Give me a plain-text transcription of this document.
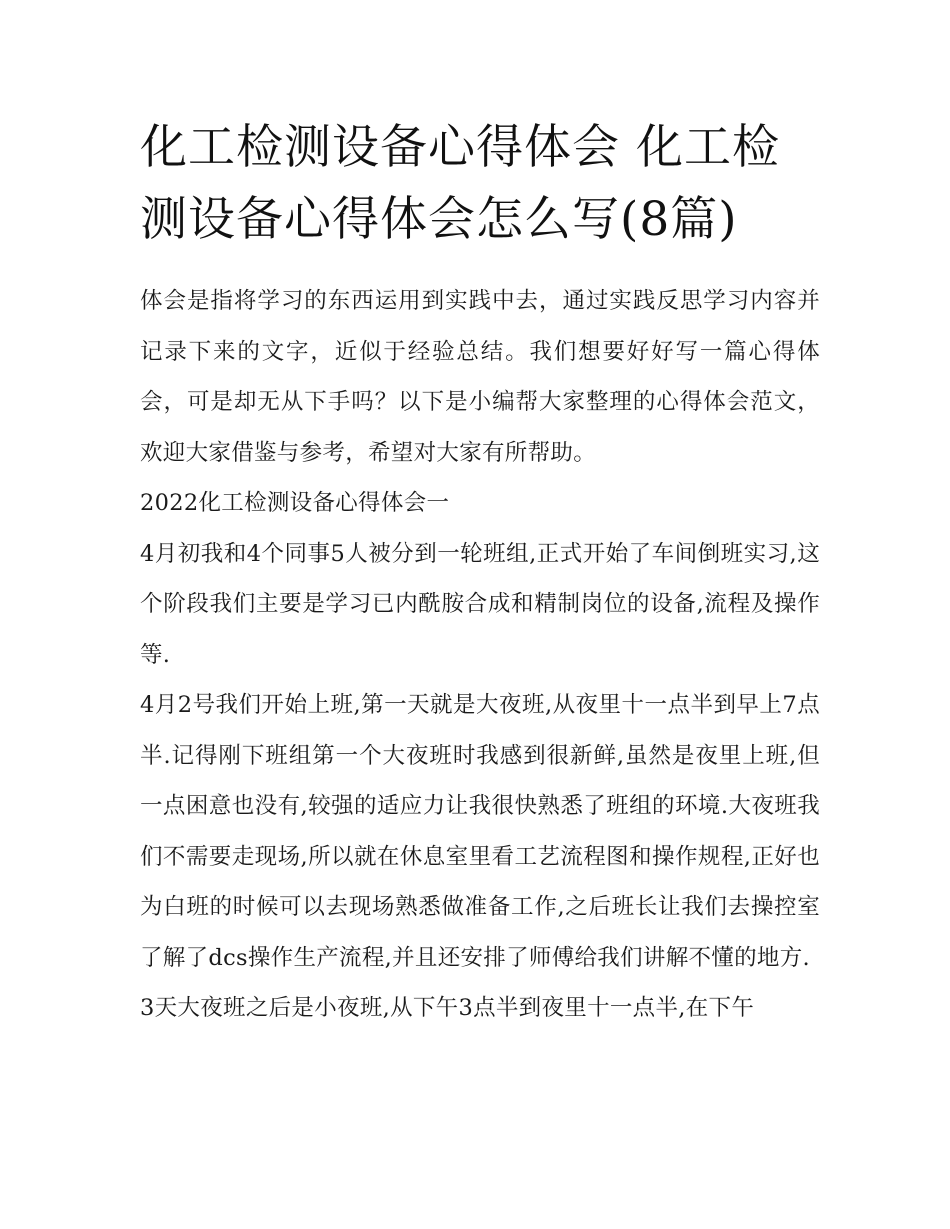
化工检测设备心得体会 化工检测设备心得体会怎么写(8篇)

体会是指将学习的东西运用到实践中去，通过实践反思学习内容并记录下来的文字，近似于经验总结。我们想要好好写一篇心得体会，可是却无从下手吗？以下是小编帮大家整理的心得体会范文，欢迎大家借鉴与参考，希望对大家有所帮助。

2022化工检测设备心得体会一

4月初我和4个同事5人被分到一轮班组,正式开始了车间倒班实习,这个阶段我们主要是学习已内酰胺合成和精制岗位的设备,流程及操作等.

4月2号我们开始上班,第一天就是大夜班,从夜里十一点半到早上7点半.记得刚下班组第一个大夜班时我感到很新鲜,虽然是夜里上班,但一点困意也没有,较强的适应力让我很快熟悉了班组的环境.大夜班我们不需要走现场,所以就在休息室里看工艺流程图和操作规程,正好也为白班的时候可以去现场熟悉做准备工作,之后班长让我们去操控室了解了dcs操作生产流程,并且还安排了师傅给我们讲解不懂的地方.

3天大夜班之后是小夜班,从下午3点半到夜里十一点半,在下午
